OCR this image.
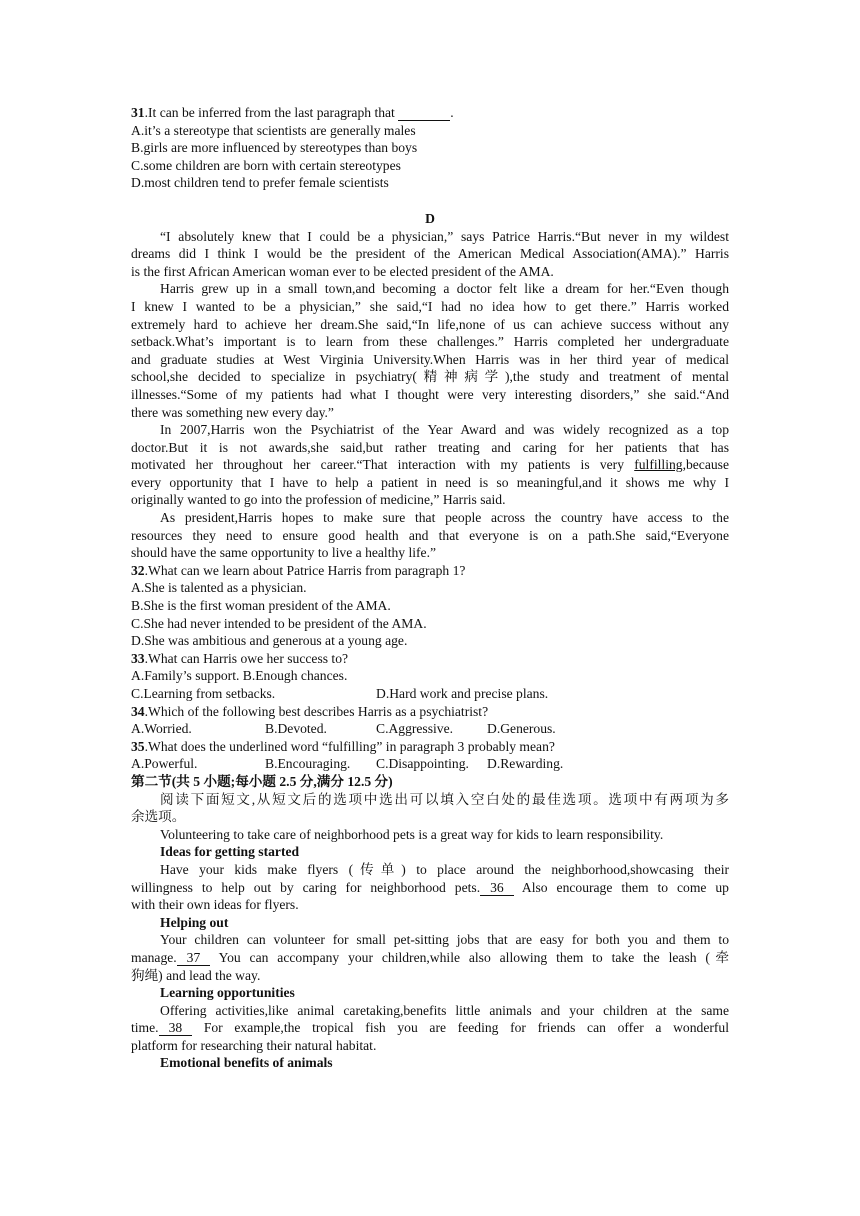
31.It can be inferred from the last paragraph that	.
A.it’s a stereotype that scientists are generally males
B.girls are more influenced by stereotypes than boys
C.some children are born with certain stereotypes
D.most children tend to prefer female scientists
D
“I absolutely knew that I could be a physician,” says Patrice Harris.“But never in my wildest
dreams did I think I would be the president of the American Medical Association(AMA).” Harris
is the first African American woman ever to be elected president of the AMA.
Harris grew up in a small town,and becoming a doctor felt like a dream for her.“Even though
I knew I wanted to be a physician,” she said,“I had no idea how to get there.” Harris worked
extremely hard to achieve her dream.She said,“In life,none of us can achieve success without any
setback.What’s important is to learn from these challenges.” Harris completed her undergraduate
and graduate studies at West Virginia University.When Harris was in her third year of medical
school,she decided to specialize in psychiatry(精神病学),the study and treatment of mental
illnesses.“Some of my patients had what I thought were very interesting disorders,” she said.“And
there was something new every day.”
In 2007,Harris won the Psychiatrist of the Year Award and was widely recognized as a top
doctor.But it is not awards,she said,but rather treating and caring for her patients that has
motivated her throughout her career.“That interaction with my patients is very fulfilling,because
every opportunity that I have to help a patient in need is so meaningful,and it shows me why I
originally wanted to go into the profession of medicine,” Harris said.
As president,Harris hopes to make sure that people across the country have access to the
resources they need to ensure good health and that everyone is on a path.She said,“Everyone
should have the same opportunity to live a healthy life.”
32.What can we learn about Patrice Harris from paragraph 1?
A.She is talented as a physician.
B.She is the first woman president of the AMA.
C.She had never intended to be president of the AMA.
D.She was ambitious and generous at a young age.
33.What can Harris owe her success to?
A.Family’s support. B.Enough chances.
C.Learning from setbacks.	D.Hard work and precise plans.
34.Which of the following best describes Harris as a psychiatrist?
A.Worried.	B.Devoted.	C.Aggressive. D.Generous.
35.What does the underlined word “fulfilling” in paragraph 3 probably mean?
A.Powerful.	B.Encouraging. C.Disappointing. D.Rewarding.
第二节(共 5 小题;每小题 2.5 分,满分 12.5 分)
阅读下面短文,从短文后的选项中选出可以填入空白处的最佳选项。选项中有两项为多
余选项。
Volunteering to take care of neighborhood pets is a great way for kids to learn responsibility.
Ideas for getting started
Have your kids make flyers (传单) to place around the neighborhood,showcasing their
willingness to help out by caring for neighborhood pets. 36 Also encourage them to come up
with their own ideas for flyers.
Helping out
Your children can volunteer for small pet-sitting jobs that are easy for both you and them to
manage. 37 You can accompany your children,while also allowing them to take the leash (牵
狗绳) and lead the way.
Learning opportunities
Offering activities,like animal caretaking,benefits little animals and your children at the same
time. 38 For example,the tropical fish you are feeding for friends can offer a wonderful
platform for researching their natural habitat.
Emotional benefits of animals
